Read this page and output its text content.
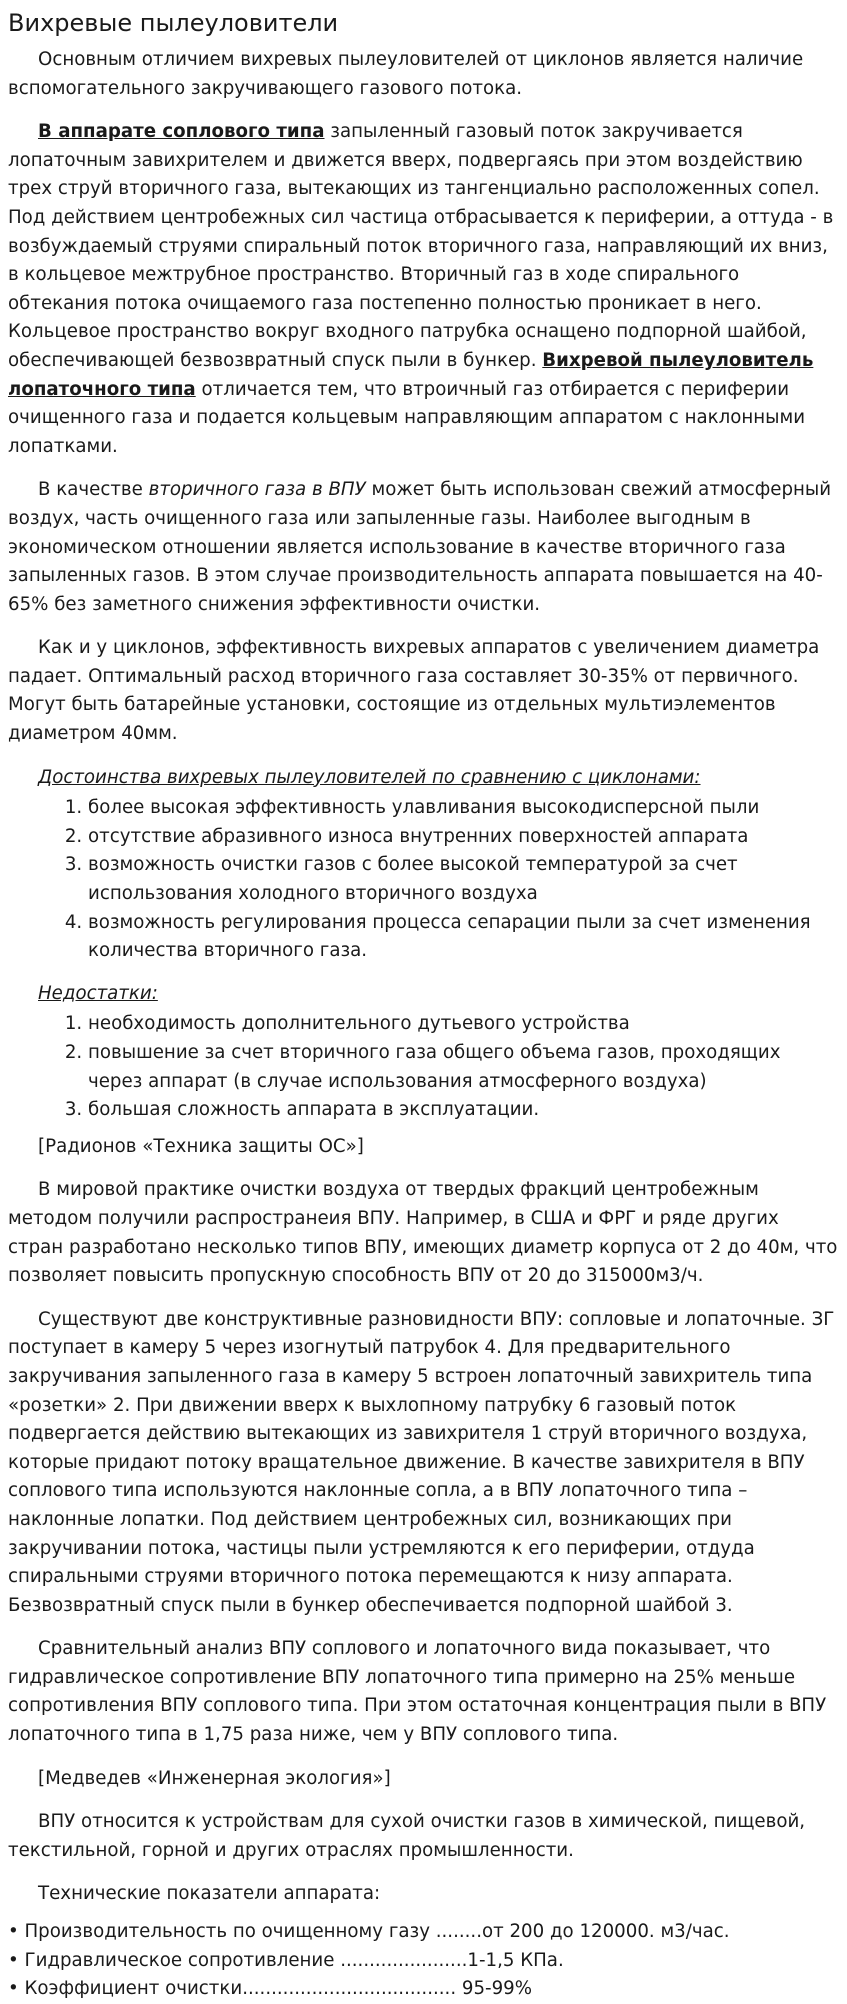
Вихревые пылеуловители

Основным отличием вихревых пылеуловителей от циклонов является наличие вспомогательного закручивающего газового потока.

В аппарате соплового типа запыленный газовый поток закручивается лопаточным завихрителем и движется вверх, подвергаясь при этом воздействию трех струй вторичного газа, вытекающих из тангенциально расположенных сопел. Под действием центробежных сил частица отбрасывается к периферии, а оттуда - в возбуждаемый струями спиральный поток вторичного газа, направляющий их вниз, в кольцевое межтрубное пространство. Вторичный газ в ходе спирального обтекания потока очищаемого газа постепенно полностью проникает в него. Кольцевое пространство вокруг входного патрубка оснащено подпорной шайбой, обеспечивающей безвозвратный спуск пыли в бункер. Вихревой пылеуловитель лопаточного типа отличается тем, что втроичный газ отбирается с периферии очищенного газа и подается кольцевым направляющим аппаратом с наклонными лопатками.

В качестве вторичного газа в ВПУ может быть использован свежий атмосферный воздух, часть очищенного газа или запыленные газы. Наиболее выгодным в экономическом отношении является использование в качестве вторичного газа запыленных газов. В этом случае производительность аппарата повышается на 40-65% без заметного снижения эффективности очистки.

Как и у циклонов, эффективность вихревых аппаратов с увеличением диаметра падает. Оптимальный расход вторичного газа составляет 30-35% от первичного. Могут быть батарейные установки, состоящие из отдельных мультиэлементов диаметром 40мм.

Достоинства вихревых пылеуловителей по сравнению с циклонами:

1. более высокая эффективность улавливания высокодисперсной пыли
2. отсутствие абразивного износа внутренних поверхностей аппарата
3. возможность очистки газов с более высокой температурой за счет использования холодного вторичного воздуха
4. возможность регулирования процесса сепарации пыли за счет изменения количества вторичного газа.

Недостатки:

1. необходимость дополнительного дутьевого устройства
2. повышение за счет вторичного газа общего объема газов, проходящих через аппарат (в случае использования атмосферного воздуха)
3. большая сложность аппарата в эксплуатации.

[Радионов «Техника защиты ОС»]

В мировой практике очистки воздуха от твердых фракций центробежным методом получили распространеия ВПУ. Например, в США и ФРГ и ряде других стран разработано несколько типов ВПУ, имеющих диаметр корпуса от 2 до 40м, что позволяет повысить пропускную способность ВПУ от 20 до 315000м3/ч.

Существуют две конструктивные разновидности ВПУ: сопловые и лопаточные. ЗГ поступает в камеру 5 через изогнутый патрубок 4. Для предварительного закручивания запыленного газа в камеру 5 встроен лопаточный завихритель типа «розетки» 2. При движении вверх к выхлопному патрубку 6 газовый поток подвергается действию вытекающих из завихрителя 1 струй вторичного воздуха, которые придают потоку вращательное движение. В качестве завихрителя в ВПУ соплового типа используются наклонные сопла, а в ВПУ лопаточного типа – наклонные лопатки. Под действием центробежных сил, возникающих при закручивании потока, частицы пыли устремляются к его периферии, отдуда спиральными струями вторичного потока перемещаются к низу аппарата. Безвозвратный спуск пыли в бункер обеспечивается подпорной шайбой 3.

Сравнительный анализ ВПУ соплового и лопаточного вида показывает, что гидравлическое сопротивление ВПУ лопаточного типа примерно на 25% меньше сопротивления ВПУ соплового типа. При этом остаточная концентрация пыли в ВПУ лопаточного типа в 1,75 раза ниже, чем у ВПУ соплового типа.

[Медведев «Инженерная экология»]

ВПУ относится к устройствам для сухой очистки газов в химической, пищевой, текстильной, горной и других отраслях промышленности.

Технические показатели аппарата:

• Производительность по очищенному газу ........от 200 до 120000. м3/час.
• Гидравлическое сопротивление ......................1-1,5 КПа.
• Коэффициент очистки..................................... 95-99%
